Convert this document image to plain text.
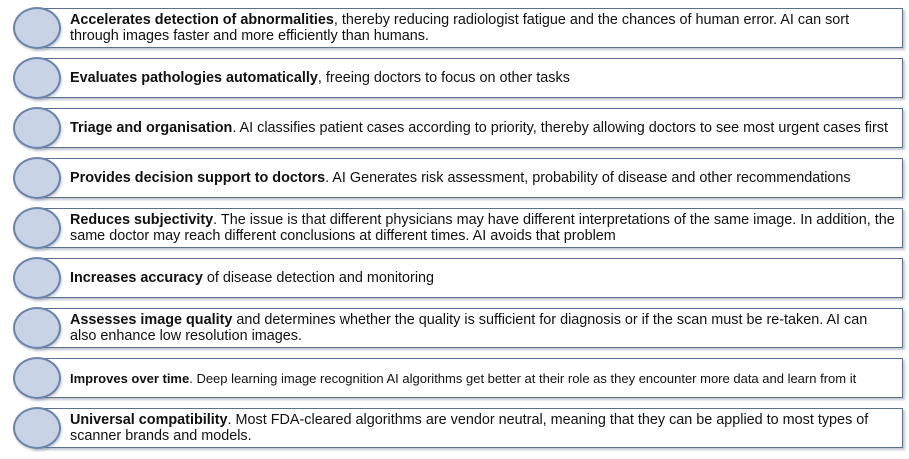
Accelerates detection of abnormalities, thereby reducing radiologist fatigue and the chances of human error. AI can sort through images faster and more efficiently than humans.
Evaluates pathologies automatically, freeing doctors to focus on other tasks
Triage and organisation. AI classifies patient cases according to priority, thereby allowing doctors to see most urgent cases first
Provides decision support to doctors. AI Generates risk assessment, probability of disease and other recommendations
Reduces subjectivity. The issue is that different physicians may have different interpretations of the same image. In addition, the same doctor may reach different conclusions at different times. AI avoids that problem
Increases accuracy of disease detection and monitoring
Assesses image quality and determines whether the quality is sufficient for diagnosis or if the scan must be re-taken. AI can also enhance low resolution images.
Improves over time. Deep learning image recognition AI algorithms get better at their role as they encounter more data and learn from it
Universal compatibility. Most FDA-cleared algorithms are vendor neutral, meaning that they can be applied to most types of scanner brands and models.
